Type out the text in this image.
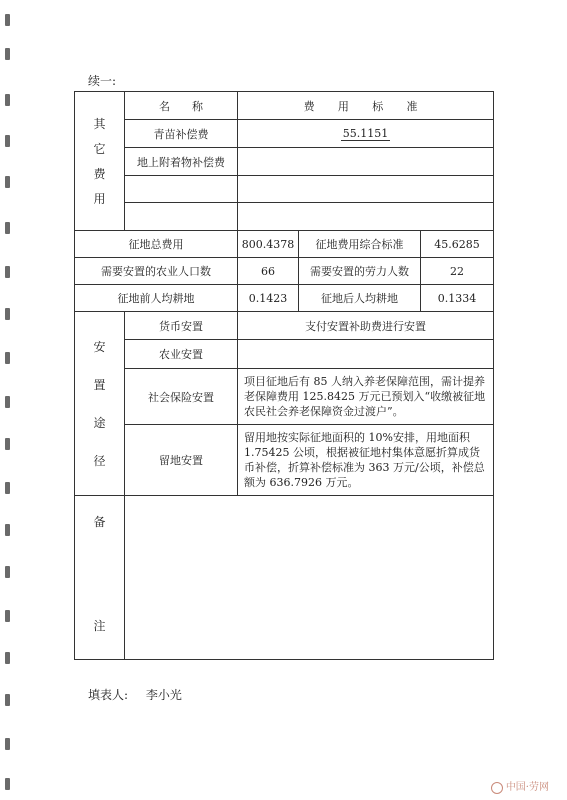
续一:
其

它

费

用	名　　称	费 用 标 准		
	青苗补偿费	55.1151		
	地上附着物补偿费			

征地总费用		800.4378	征地费用综合标准	45.6285
需要安置的农业人口数		66	需要安置的劳力人数	22
征地前人均耕地		0.1423	征地后人均耕地	0.1334

安

置

途

径	货币安置	支付安置补助费进行安置		
	农业安置			
	社会保险安置	项目征地后有 85 人纳入养老保障范围，需计提养老保障费用 125.8425 万元已预划入“收缴被征地农民社会养老保障资金过渡户”。		
	留地安置	留用地按实际征地面积的 10%安排，用地面积 1.75425 公顷，根据被征地村集体意愿折算成货币补偿，折算补偿标准为 363 万元/公顷，补偿总额为 636.7926 万元。		

备
注				

填表人: 李小光
中国·劳网
